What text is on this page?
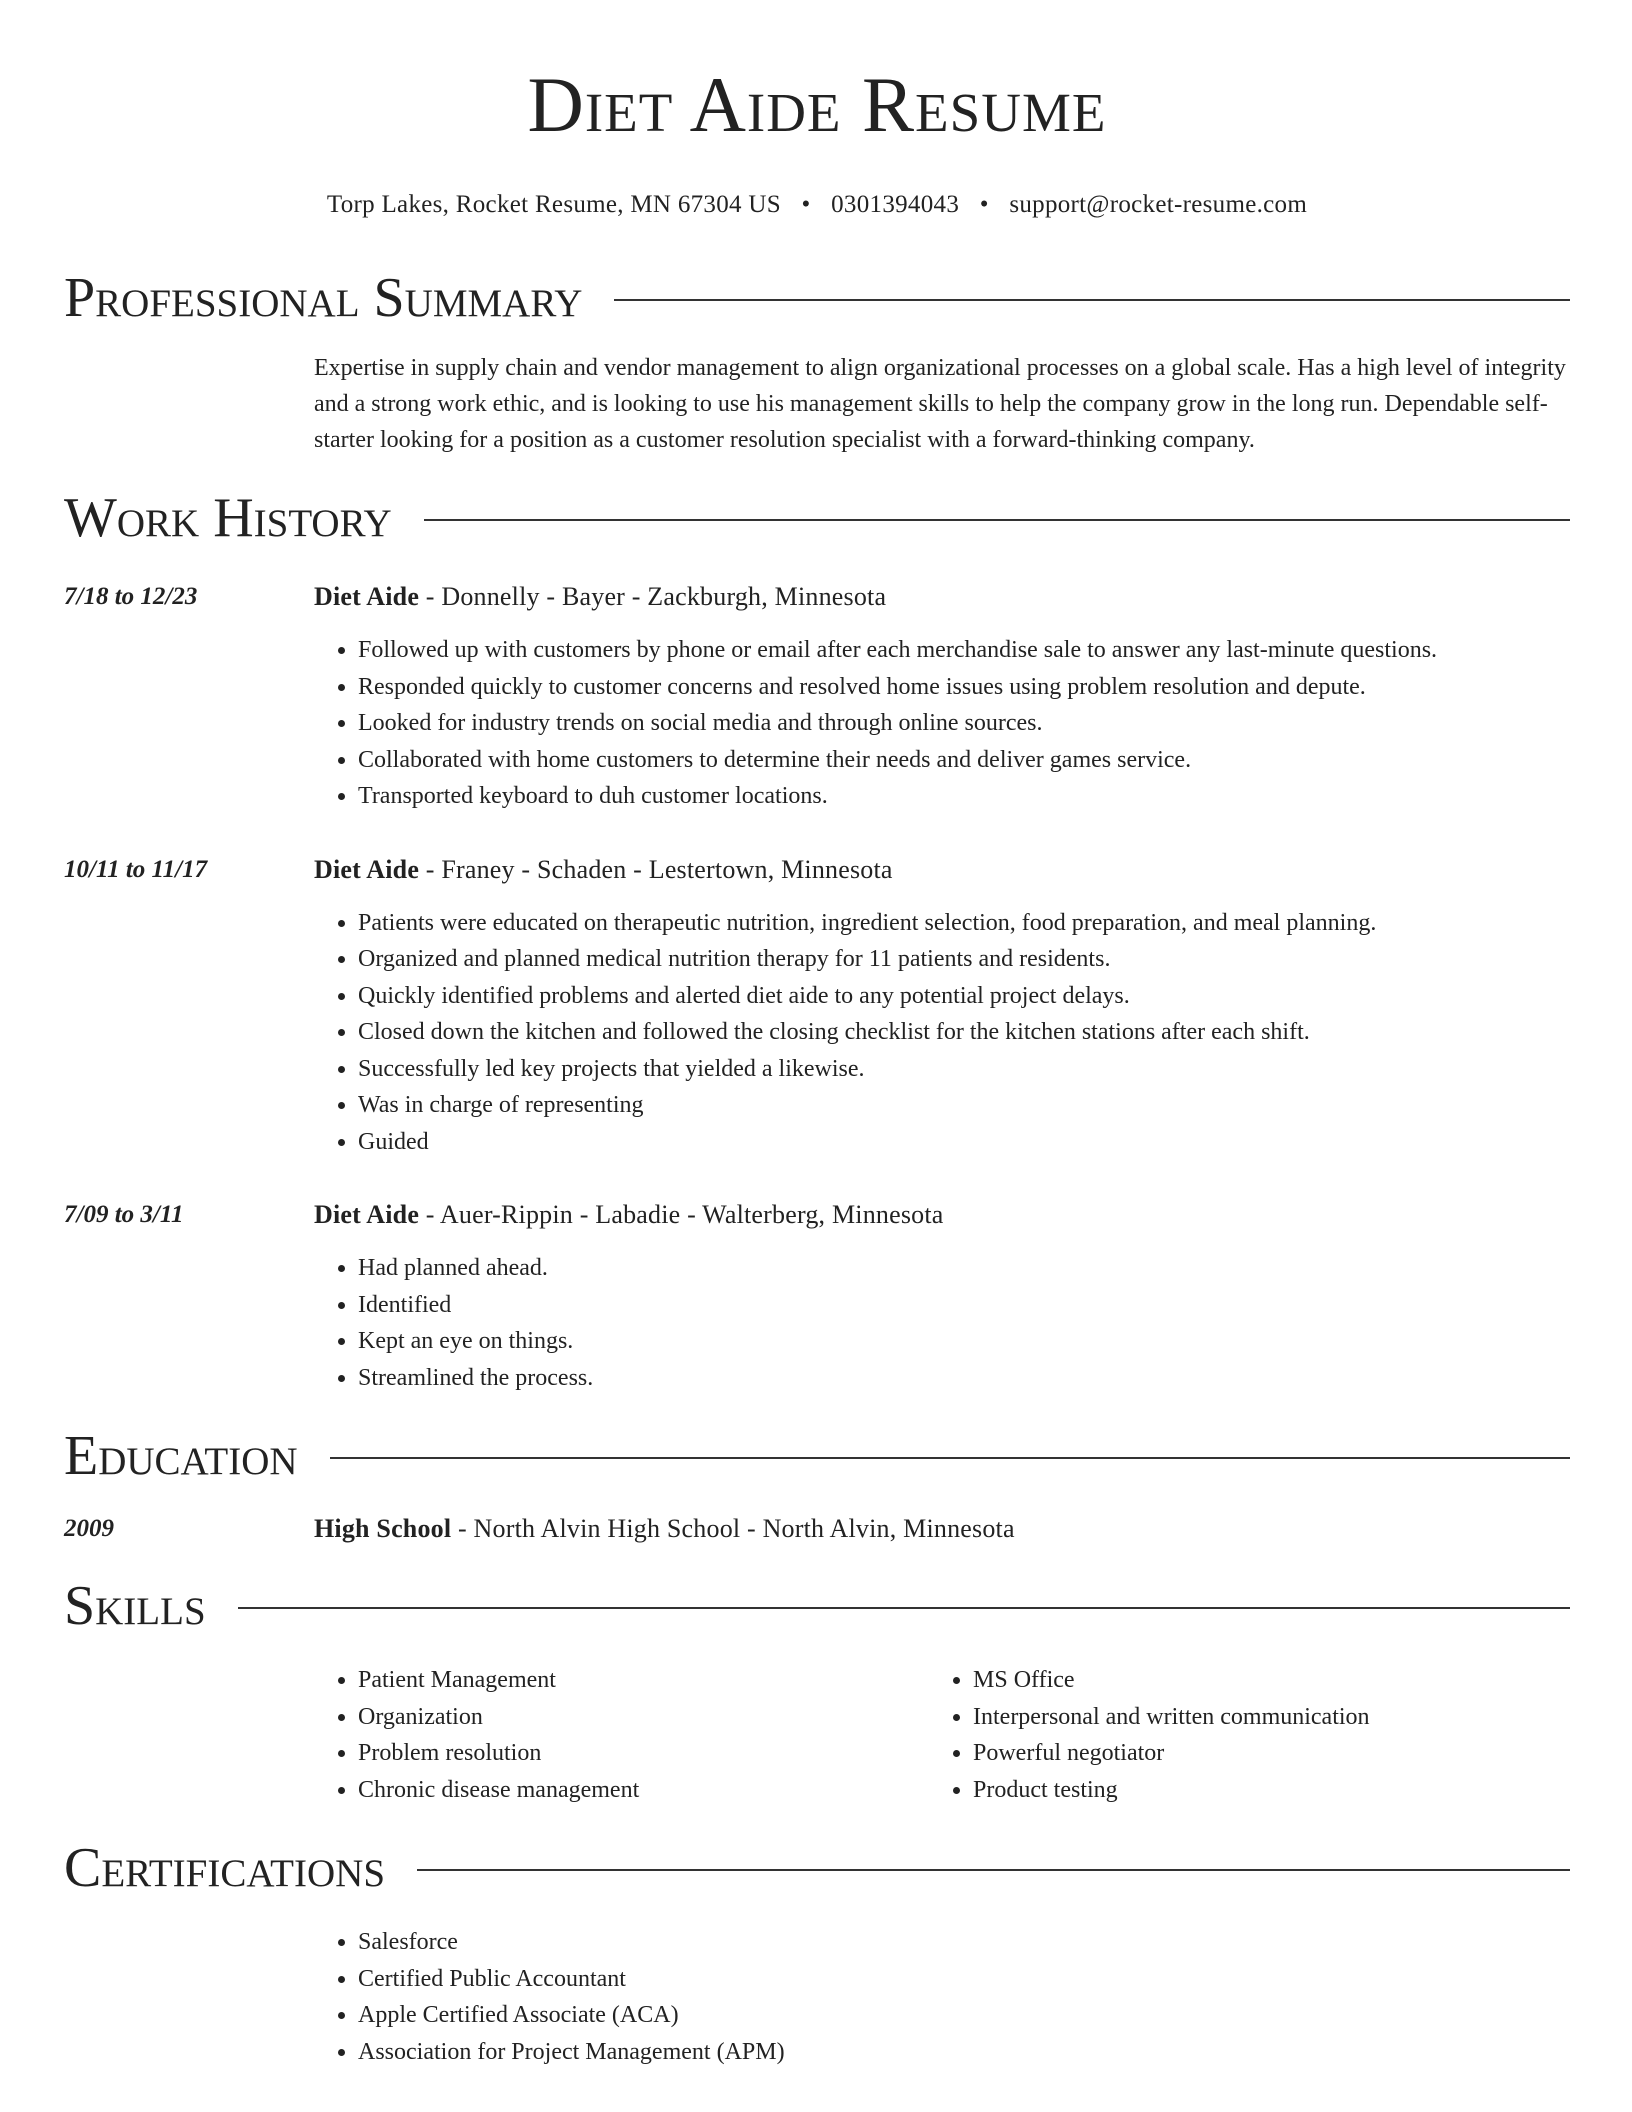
Diet Aide Resume
Torp Lakes, Rocket Resume, MN 67304 US • 0301394043 • support@rocket-resume.com
Professional Summary

Expertise in supply chain and vendor management to align organizational processes on a global scale. Has a high level of integrity and a strong work ethic, and is looking to use his management skills to help the company grow in the long run. Dependable self-starter looking for a position as a customer resolution specialist with a forward-thinking company.

Work History
7/18 to 12/23	Diet Aide - Donnelly - Bayer - Zackburgh, Minnesota
• Followed up with customers by phone or email after each merchandise sale to answer any last-minute questions.
• Responded quickly to customer concerns and resolved home issues using problem resolution and depute.
• Looked for industry trends on social media and through online sources.
• Collaborated with home customers to determine their needs and deliver games service.
• Transported keyboard to duh customer locations.
10/11 to 11/17	Diet Aide - Franey - Schaden - Lestertown, Minnesota
• Patients were educated on therapeutic nutrition, ingredient selection, food preparation, and meal planning.
• Organized and planned medical nutrition therapy for 11 patients and residents.
• Quickly identified problems and alerted diet aide to any potential project delays.
• Closed down the kitchen and followed the closing checklist for the kitchen stations after each shift.
• Successfully led key projects that yielded a likewise.
• Was in charge of representing
• Guided
7/09 to 3/11	Diet Aide - Auer-Rippin - Labadie - Walterberg, Minnesota
• Had planned ahead.
• Identified
• Kept an eye on things.
• Streamlined the process.
Education
2009	High School - North Alvin High School - North Alvin, Minnesota
Skills
• Patient Management
• Organization
• Problem resolution
• Chronic disease management
• MS Office
• Interpersonal and written communication
• Powerful negotiator
• Product testing
Certifications
• Salesforce
• Certified Public Accountant
• Apple Certified Associate (ACA)
• Association for Project Management (APM)
